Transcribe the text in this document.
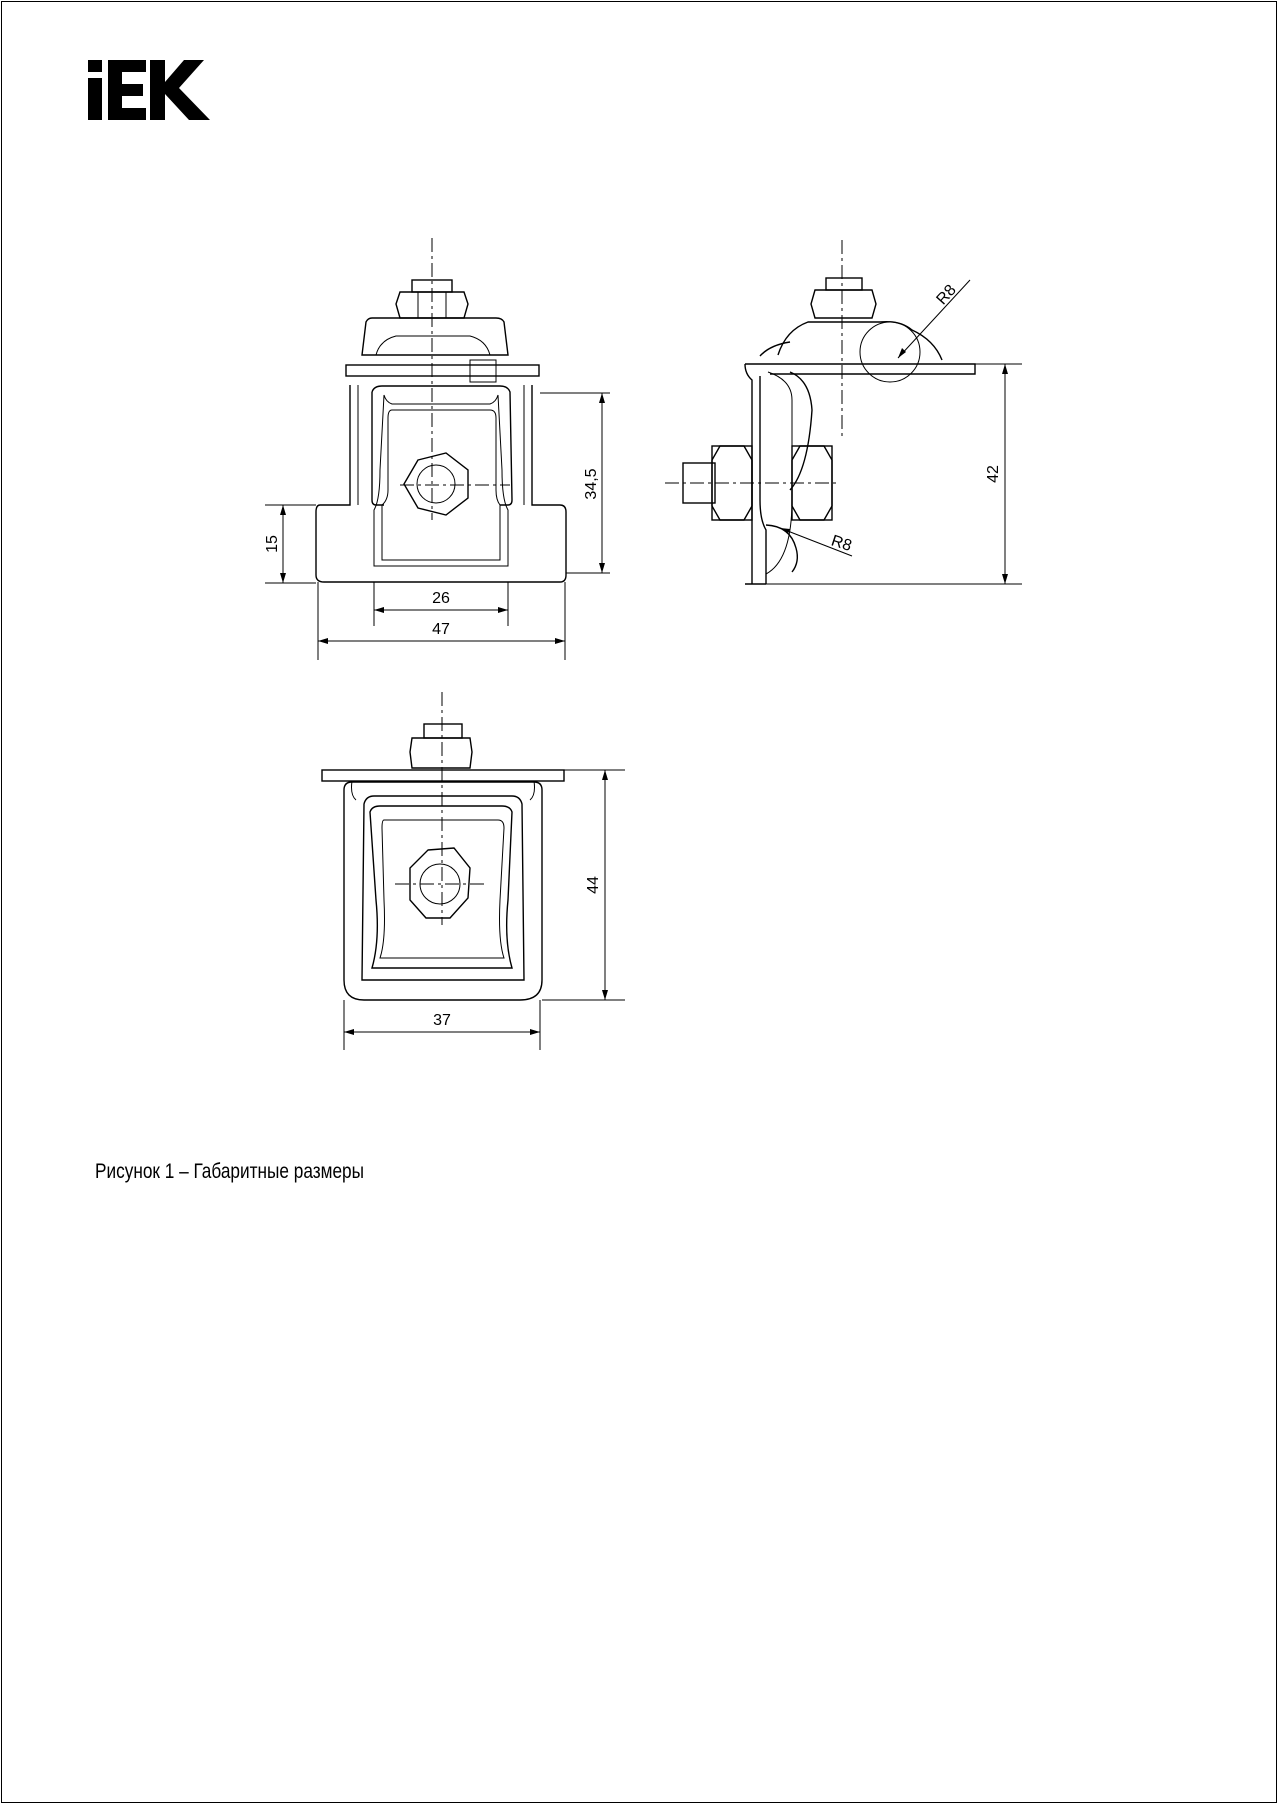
34,5
15
26
47
R8
R8
42
44
37
Рисунок 1 – Габаритные размеры
